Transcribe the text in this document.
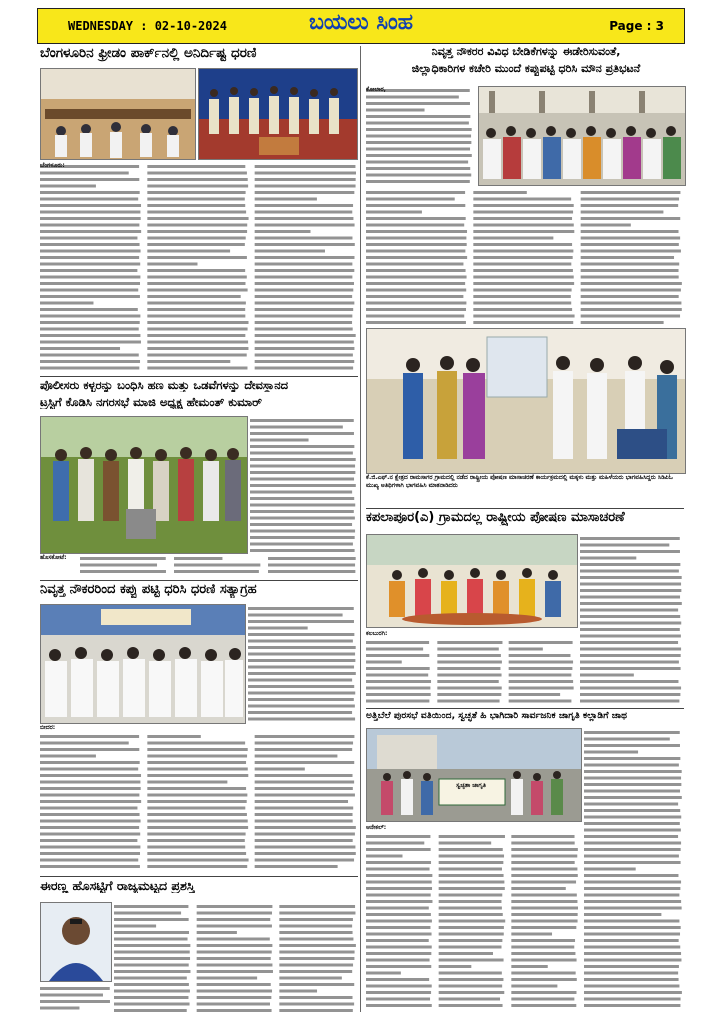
WEDNESDAY : 02-10-2024	ಬಯಲು ಸಿಂಹ	Page : 3
ಬೆಂಗಳೂರಿನ ಫ್ರೀಡಂ ಪಾರ್ಕ್‌ನಲ್ಲಿ ಅನಿರ್ದಿಷ್ಟ ಧರಣಿ
ಬೆಂಗಳೂರು:
ಪೊಲೀಸರು ಕಳ್ಳರನ್ನು ಬಂಧಿಸಿ ಹಣ ಮತ್ತು ಒಡವೆಗಳನ್ನು ದೇವಸ್ಥಾನದ
ಟ್ರಸ್ಟಿಗೆ ಕೊಡಿಸಿ ನಗರಸಭೆ ಮಾಜಿ ಅಧ್ಯಕ್ಷ ಹೇಮಂತ್ ಕುಮಾರ್
ಹೊಸಕೋಟೆ:
ನಿವೃತ್ತ ನೌಕರರಿಂದ ಕಪ್ಪು ಪಟ್ಟಿ ಧರಿಸಿ ಧರಣಿ ಸತ್ಯಾಗ್ರಹ
ಬೀದರ:
ಈರಣ್ಣ ಹೊಸಟ್ಟಿಗೆ ರಾಜ್ಯಮಟ್ಟದ ಪ್ರಶಸ್ತಿ
ನಿವೃತ್ತ ನೌಕರರ ವಿವಿಧ ಬೇಡಿಕೆಗಳನ್ನು ಈಡೇರಿಸುವಂತೆ,
ಜಿಲ್ಲಾಧಿಕಾರಿಗಳ ಕಚೇರಿ ಮುಂದೆ ಕಪ್ಪುಪಟ್ಟಿ ಧರಿಸಿ ಮೌನ ಪ್ರತಿಭಟನೆ
ಕೋಲಾರ,
ಕೆ.ಜಿ.ಎಫ್.ನ ಕ್ಷೇತ್ರದ ರಾಮಸಾಗರ ಗ್ರಾಮದಲ್ಲಿ ನಡೆದ ರಾಷ್ಟ್ರೀಯ ಪೋಷಣ ಮಾಸಾಚರಣೆ ಕಾರ್ಯಕ್ರಮದಲ್ಲಿ ಮಕ್ಕಳು ಮತ್ತು ಮಹಿಳೆಯರು ಭಾಗವಹಿಸಿದ್ದರು ಸಿಡಿಪಿಓ ಮುಖ್ಯ ಅತಿಥಿಗಳಾಗಿ ಭಾಗವಹಿಸಿ ಮಾತನಾಡಿದರು
ಕಪಲಾಪೂರ(ಎ) ಗ್ರಾಮದಲ್ಲ ರಾಷ್ಟ್ರೀಯ ಪೋಷಣ ಮಾಸಾಚರಣೆ
ಕಲಬುರಗಿ:
ಅತ್ತಿಬೆಲೆ ಪುರಸಭೆ ವತಿಯಿಂದ, ಸ್ವಚ್ಛತೆ ಹಿ ಭಾಗಿದಾರಿ ಸಾರ್ವಜನಿಕ ಜಾಗೃತಿ ಕಲ್ಲಾಡಿಗೆ ಜಾಥ
ಸ್ವಚ್ಛತಾ ಜಾಗೃತಿ
ಆನೇಕಲ್:
